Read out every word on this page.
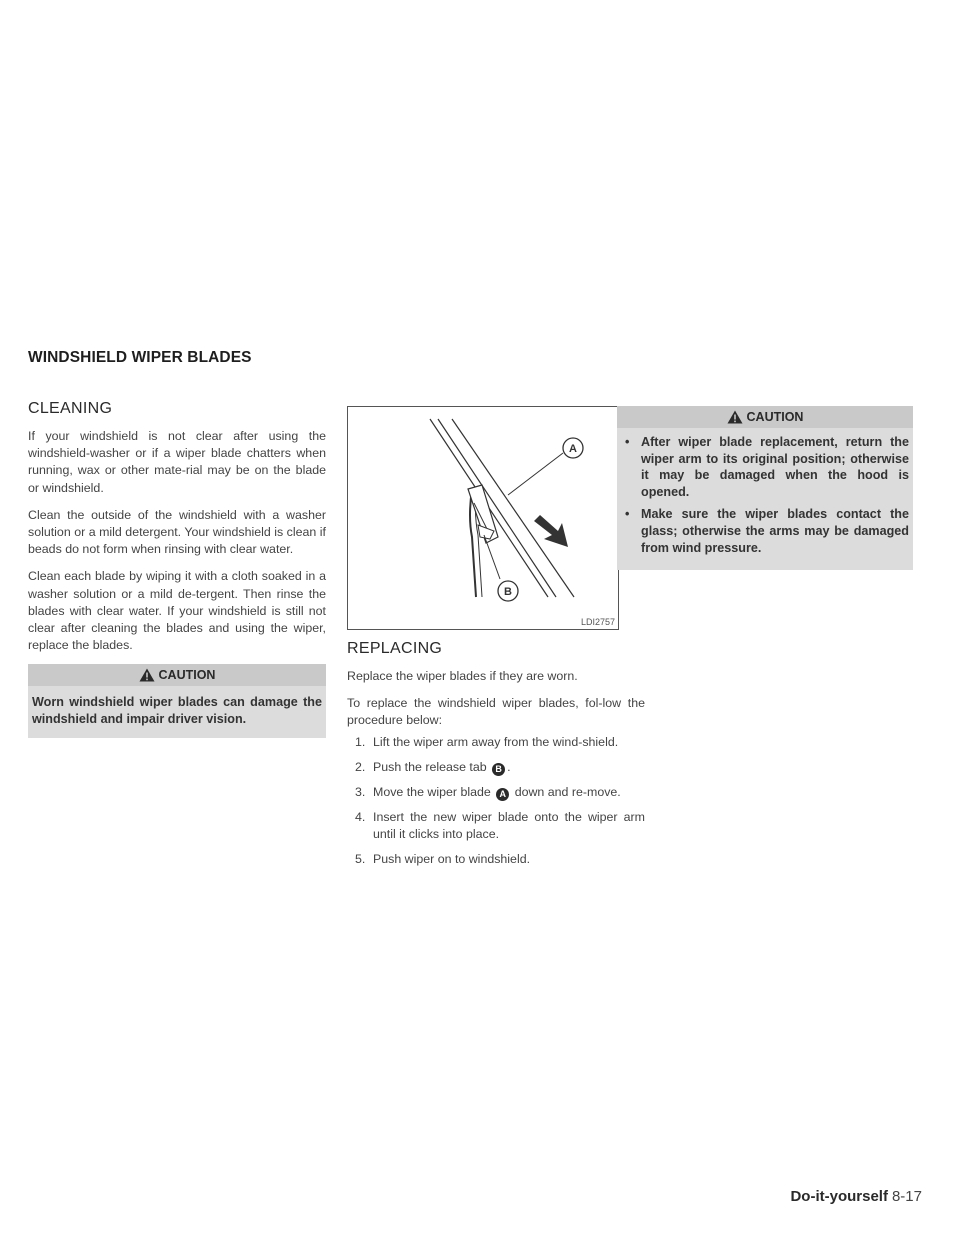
WINDSHIELD WIPER BLADES
CLEANING

If your windshield is not clear after using the windshield-washer or if a wiper blade chatters when running, wax or other mate-rial may be on the blade or windshield.

Clean the outside of the windshield with a washer solution or a mild detergent. Your windshield is clean if beads do not form when rinsing with clear water.

Clean each blade by wiping it with a cloth soaked in a washer solution or a mild de-tergent. Then rinse the blades with clear water. If your windshield is still not clear after cleaning the blades and using the wiper, replace the blades.

CAUTION
Worn windshield wiper blades can damage the windshield and impair driver vision.
A
B
LDI2757
REPLACING

Replace the wiper blades if they are worn.

To replace the windshield wiper blades, fol-low the procedure below:

1. Lift the wiper arm away from the wind-shield.
2. Push the release tab B .
3. Move the wiper blade A down and re-move.
4. Insert the new wiper blade onto the wiper arm until it clicks into place.
5. Push wiper on to windshield.
CAUTION
• After wiper blade replacement, return the wiper arm to its original position; otherwise it may be damaged when the hood is opened.
• Make sure the wiper blades contact the glass; otherwise the arms may be damaged from wind pressure.
Do-it-yourself 8-17
